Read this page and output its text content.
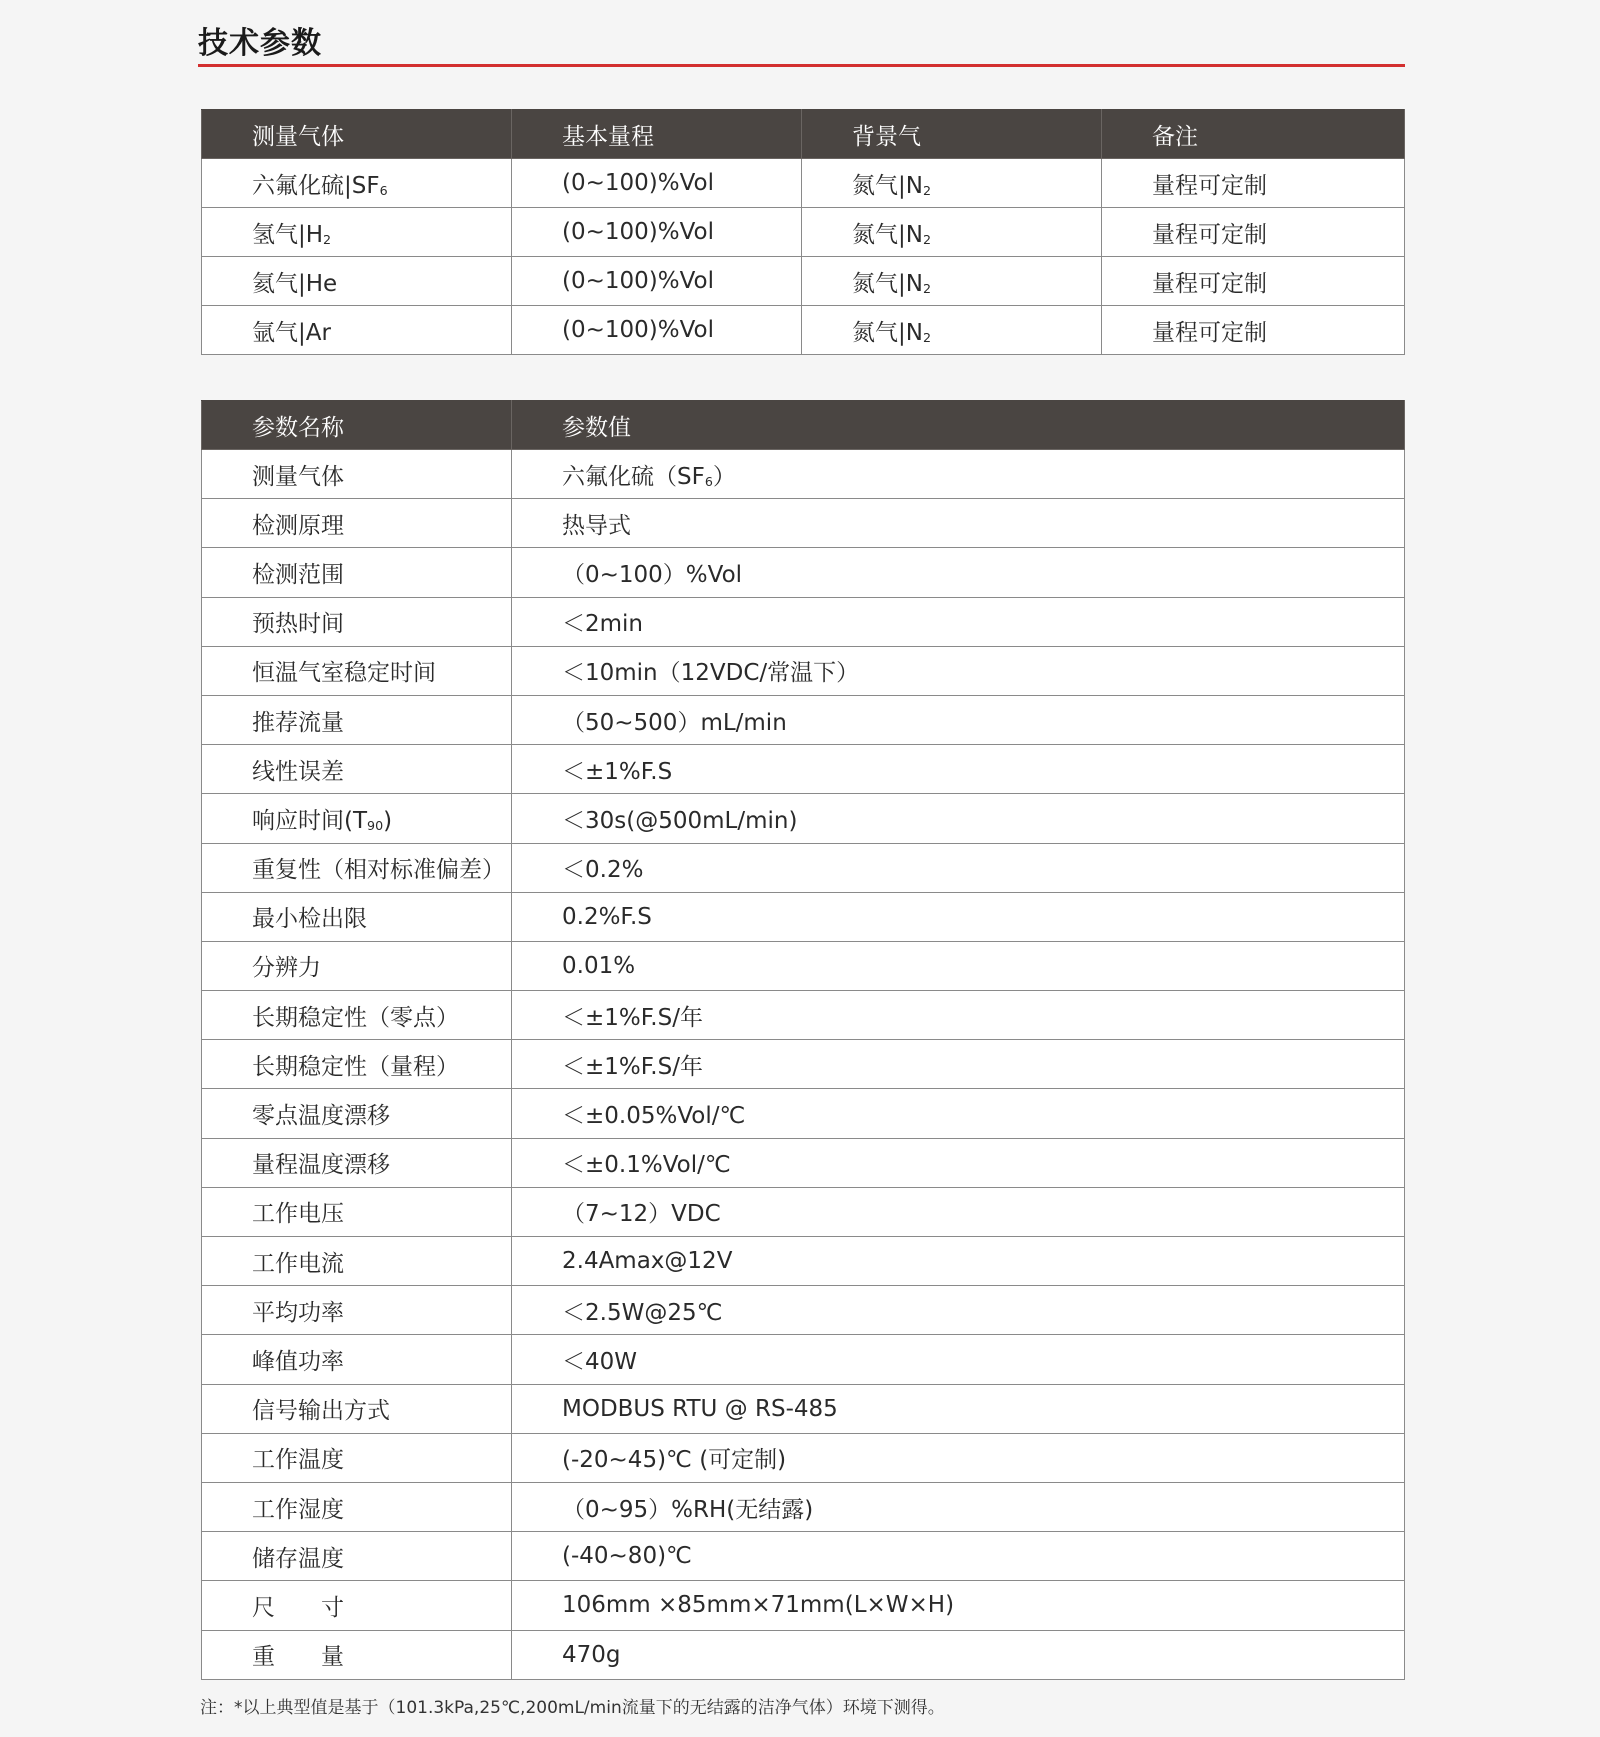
技术参数
测量气体	基本量程	背景气	备注
六氟化硫|SF6	(0~100)%Vol	氮气|N2	量程可定制
氢气|H2	(0~100)%Vol	氮气|N2	量程可定制
氦气|He	(0~100)%Vol	氮气|N2	量程可定制
氩气|Ar	(0~100)%Vol	氮气|N2	量程可定制
参数名称	参数值
测量气体	六氟化硫（SF6）
检测原理	热导式
检测范围	（0~100）%Vol
预热时间	＜2min
恒温气室稳定时间	＜10min（12VDC/常温下）
推荐流量	（50~500）mL/min
线性误差	＜±1%F.S
响应时间(T90)	＜30s(@500mL/min)
重复性（相对标准偏差）	＜0.2%
最小检出限	0.2%F.S
分辨力	0.01%
长期稳定性（零点）	＜±1%F.S/年
长期稳定性（量程）	＜±1%F.S/年
零点温度漂移	＜±0.05%Vol/℃
量程温度漂移	＜±0.1%Vol/℃
工作电压	（7~12）VDC
工作电流	2.4Amax@12V
平均功率	＜2.5W@25℃
峰值功率	＜40W
信号输出方式	MODBUS RTU @ RS-485
工作温度	(-20~45)℃ (可定制)
工作湿度	（0~95）%RH(无结露)
储存温度	(-40~80)℃
尺　　寸	106mm ×85mm×71mm(L×W×H)
重　　量	470g

注：*以上典型值是基于（101.3kPa,25℃,200mL/min流量下的无结露的洁净气体）环境下测得。
